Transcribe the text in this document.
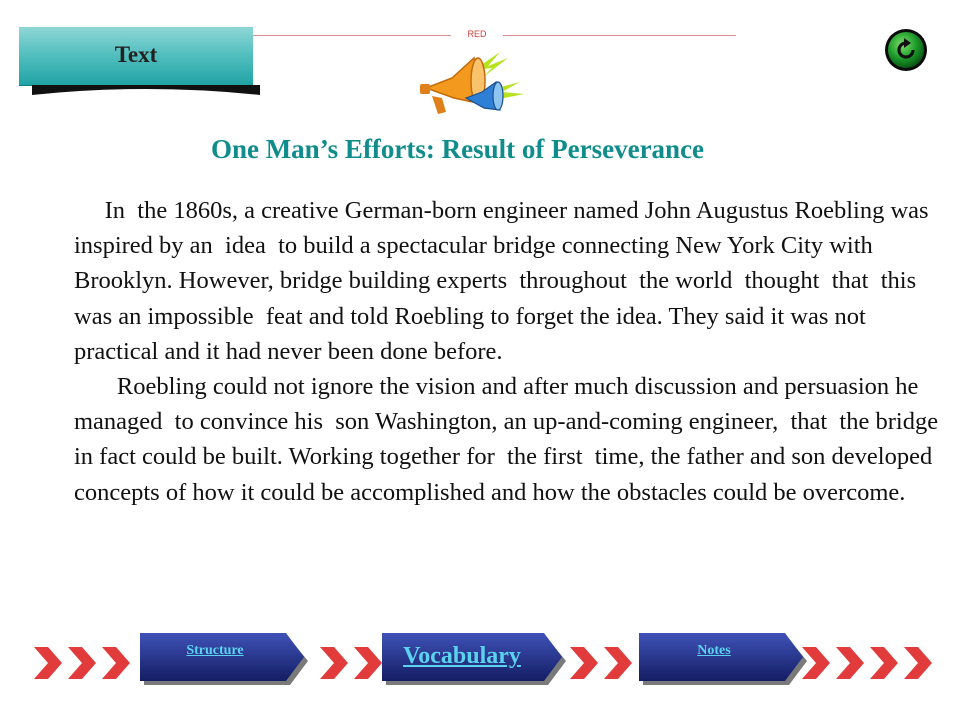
Text
RED
One Man’s Efforts: Result of Perseverance

In  the 1860s, a creative German-born engineer named John Augustus Roebling was inspired by an  idea  to build a spectacular bridge connecting New York City with Brooklyn. However, bridge building experts  throughout  the world  thought  that  this was an impossible  feat and told Roebling to forget the idea. They said it was not practical and it had never been done before.

Roebling could not ignore the vision and after much discussion and persuasion he managed  to convince his  son Washington, an up-and-coming engineer,  that  the bridge  in fact could be built. Working together for  the first  time, the father and son developed concepts of how it could be accomplished and how the obstacles could be overcome.

Structure	Vocabulary	Notes
